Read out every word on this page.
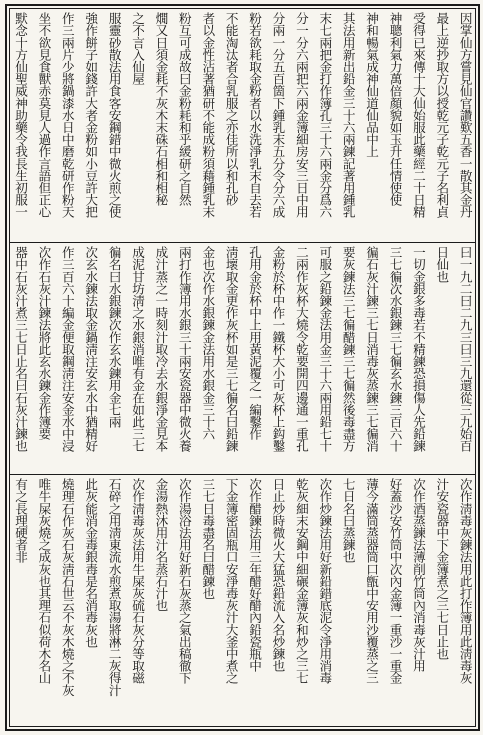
因掌仙方嘗見仙官讚歎五香一散其金丹
最上逆抄取方以授乾元子乾元子名利貞
受得已來傳十大仙始服此藥經二十日精
神聰利氣力萬倍顏貌如玉升任情使使
神和暢氣成神仙道仙品中上
其法用新出鉛金三十六兩鍊記著用鍾乳
末七兩把金打作簿孔三十六兩金分爲六
分一分六兩把六兩金簿細房安三日中用
分兩一分五百箇下鍾乳末五分令分六成
粉若欲耗取金粉者以水洗淨乳末自去若
不能淘汰者合乳服之亦佳所以和孔砂
者以金性沾著猶研不能成粉須藉鍾乳末
粉互可成故曰金粉耗和乎緩研之自然
燗又日須金耗不灰木末硃石相和相秘
之不言入仙屋
服靈砂散法用食客安鋼錯中微火煎之使
強作餅子如錢許大者金粉如小豆許大把
作三兩片少將鍋漆水日中磨乾研作粉天
坐不欲見食獸赤莫見人過作言語但正心
默念十方仙聖威神助藥令我長生初服一
曰一九二曰二九三曰三九還從三九始百
日仙也
一切金銀多毒若不精鍊恐損傷人先鉛鍊
三七徧次水銀鍊三七徧玄水鍊三百六十
徧石灰汁鍊三七日消毒灰蒸鍊三七徧消
要灰鍊法三七徧醋鍊三七徧然後毒盡方
可服之鉛鍊金法用金三十六兩用鉛七十
二兩作灰杯大燒令乾要開四邊通一重孔
金粉於杯中作一鐵杯大小可灰杯上鈎鑿
孔用金於杯中上用黃泥覆之一編鑿作
淸壞取金更作灰杯如是三七徧名曰鉛鍊
金也次作水銀鍊金法用水銀金三十六
兩打作簿用水銀三十兩安瓷器中微火養
成汁蒸之一時刻汁取冷去水銀淨金見本
成泥甘坊淸之水銀消唯有金在如此三七
徧名曰水銀鍊次作玄水鍊用金七兩
次玄水鍊法取金鍋淸注安玄水中猶精好
作三百六十編金便取鋼淸注安金水中浸
次作石灰汁鍊法將此玄水鍊金作簿要
器中石灰汁煮三七日止名曰石灰汁鍊也
次作淸毒灰鍊法用此打作簿用此淸毒灰
汁安瓷器中下金簿煮之三七日止也
次作酒蒸鍊法薄削竹筒內消毒灰汁用
好蓋沙安竹筒中次內金簿一重沙一重金
薄今滿筒蒸器筒口甑中安用沙覆蒸之三
七日名曰蒸鍊也
次作炒鍊法用好新鉛錯底泥令淨用消毒
乾灰細末安鋼中細碾金簿灰和炒之三七
日止炒時微火大猛恐鉛流入名炒鍊也
次作醋鍊法用三年醋好醋內鉛瓷瓶中
下金簿密固瓶口安淨毒灰汁大釜中煮之
三七日毒盡名曰醋鍊也
次作湯浴法用好新石灰蒸之氣出稿徹下
金湯熱沐用汁名蒸石汁也
次作淸毒灰法用牛屎灰硫石灰分等取磁
石碎之用淸東流水煎煮取湯將淋二灰得汁
此灰能消金毒銀毒是名消毒灰也
燒理石作灰石灰淸石世云不灰木燒之不灰
唯牛屎灰燒之成灰也其理石似荷木名山
有之長理硬者非
